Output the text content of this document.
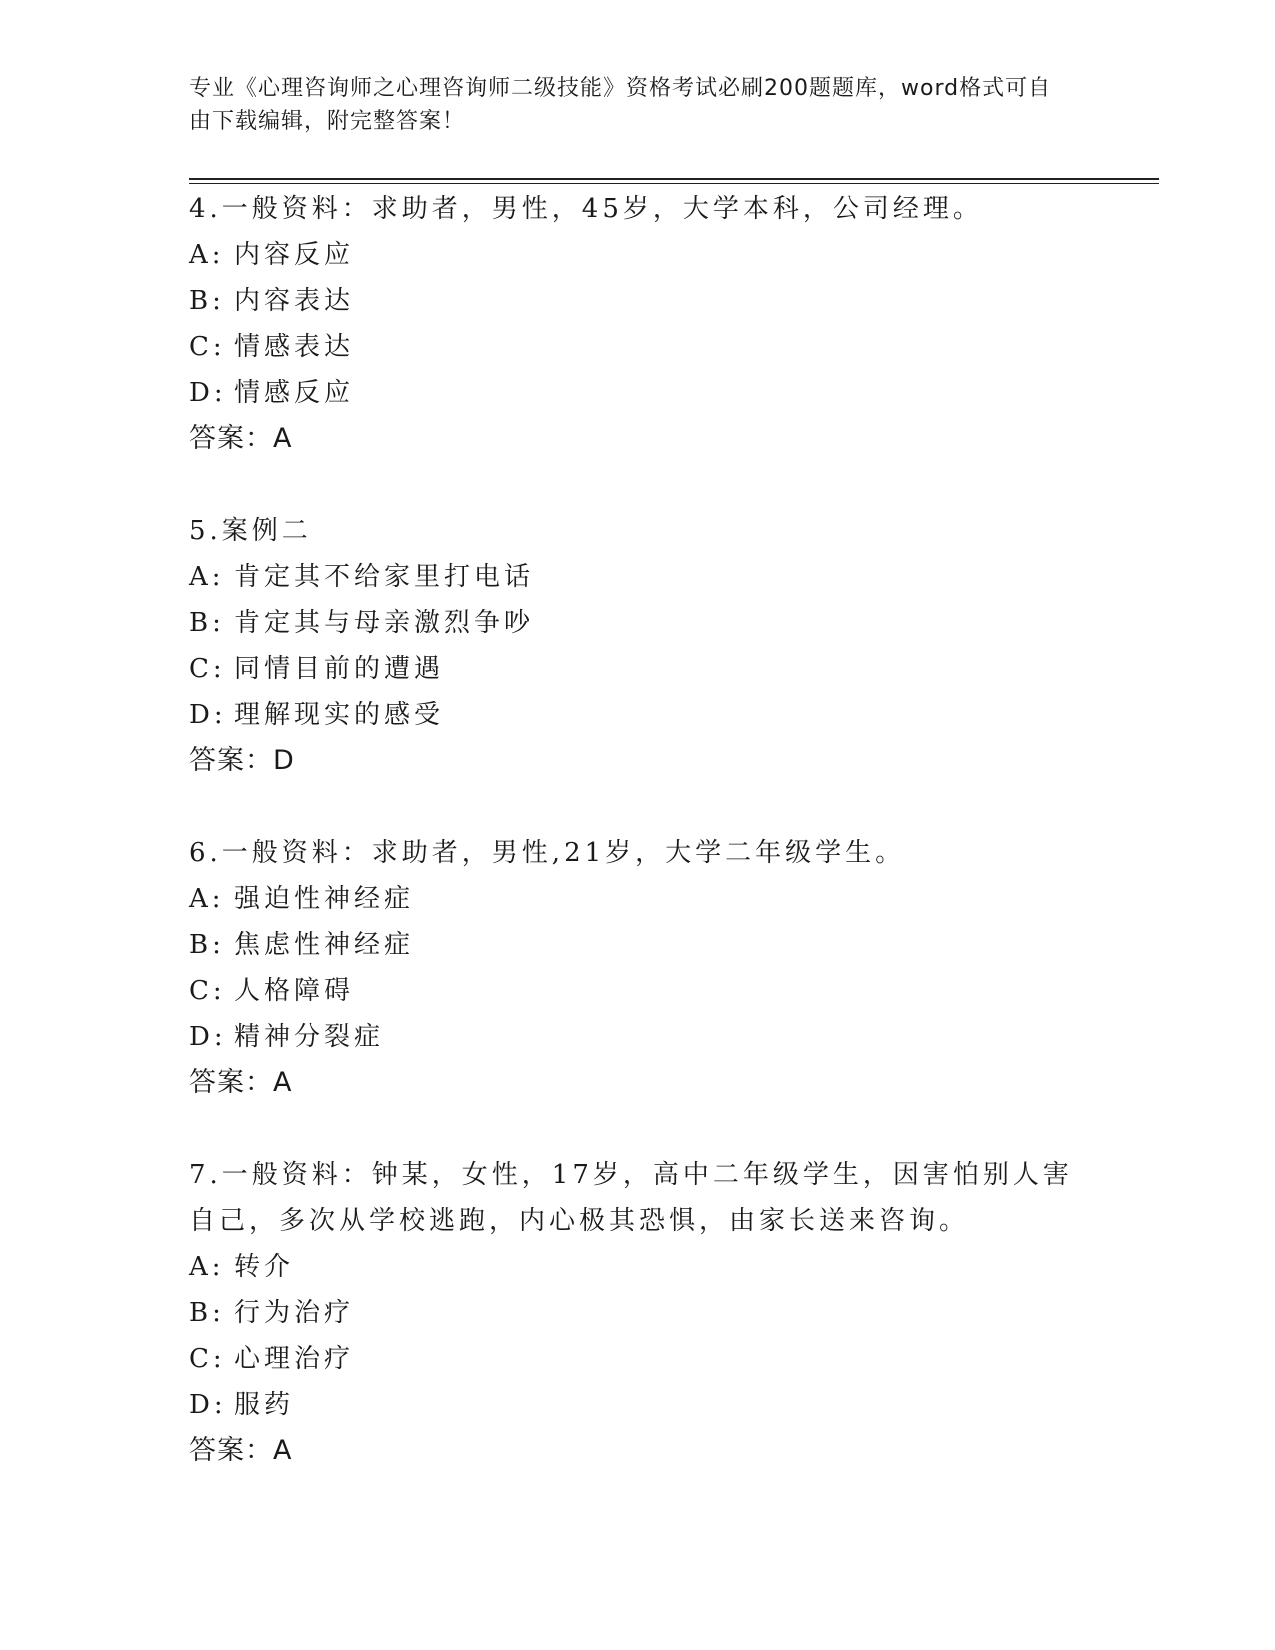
专业《心理咨询师之心理咨询师二级技能》资格考试必刷200题题库，word格式可自由下载编辑，附完整答案！
4.一般资料：求助者，男性，45岁，大学本科，公司经理。
A: 内容反应
B: 内容表达
C: 情感表达
D: 情感反应
答案：A
5.案例二
A: 肯定其不给家里打电话
B: 肯定其与母亲激烈争吵
C: 同情目前的遭遇
D: 理解现实的感受
答案：D
6.一般资料：求助者，男性,21岁，大学二年级学生。
A: 强迫性神经症
B: 焦虑性神经症
C: 人格障碍
D: 精神分裂症
答案：A
7.一般资料：钟某，女性，17岁，高中二年级学生，因害怕别人害自己，多次从学校逃跑，内心极其恐惧，由家长送来咨询。
A: 转介
B: 行为治疗
C: 心理治疗
D: 服药
答案：A
